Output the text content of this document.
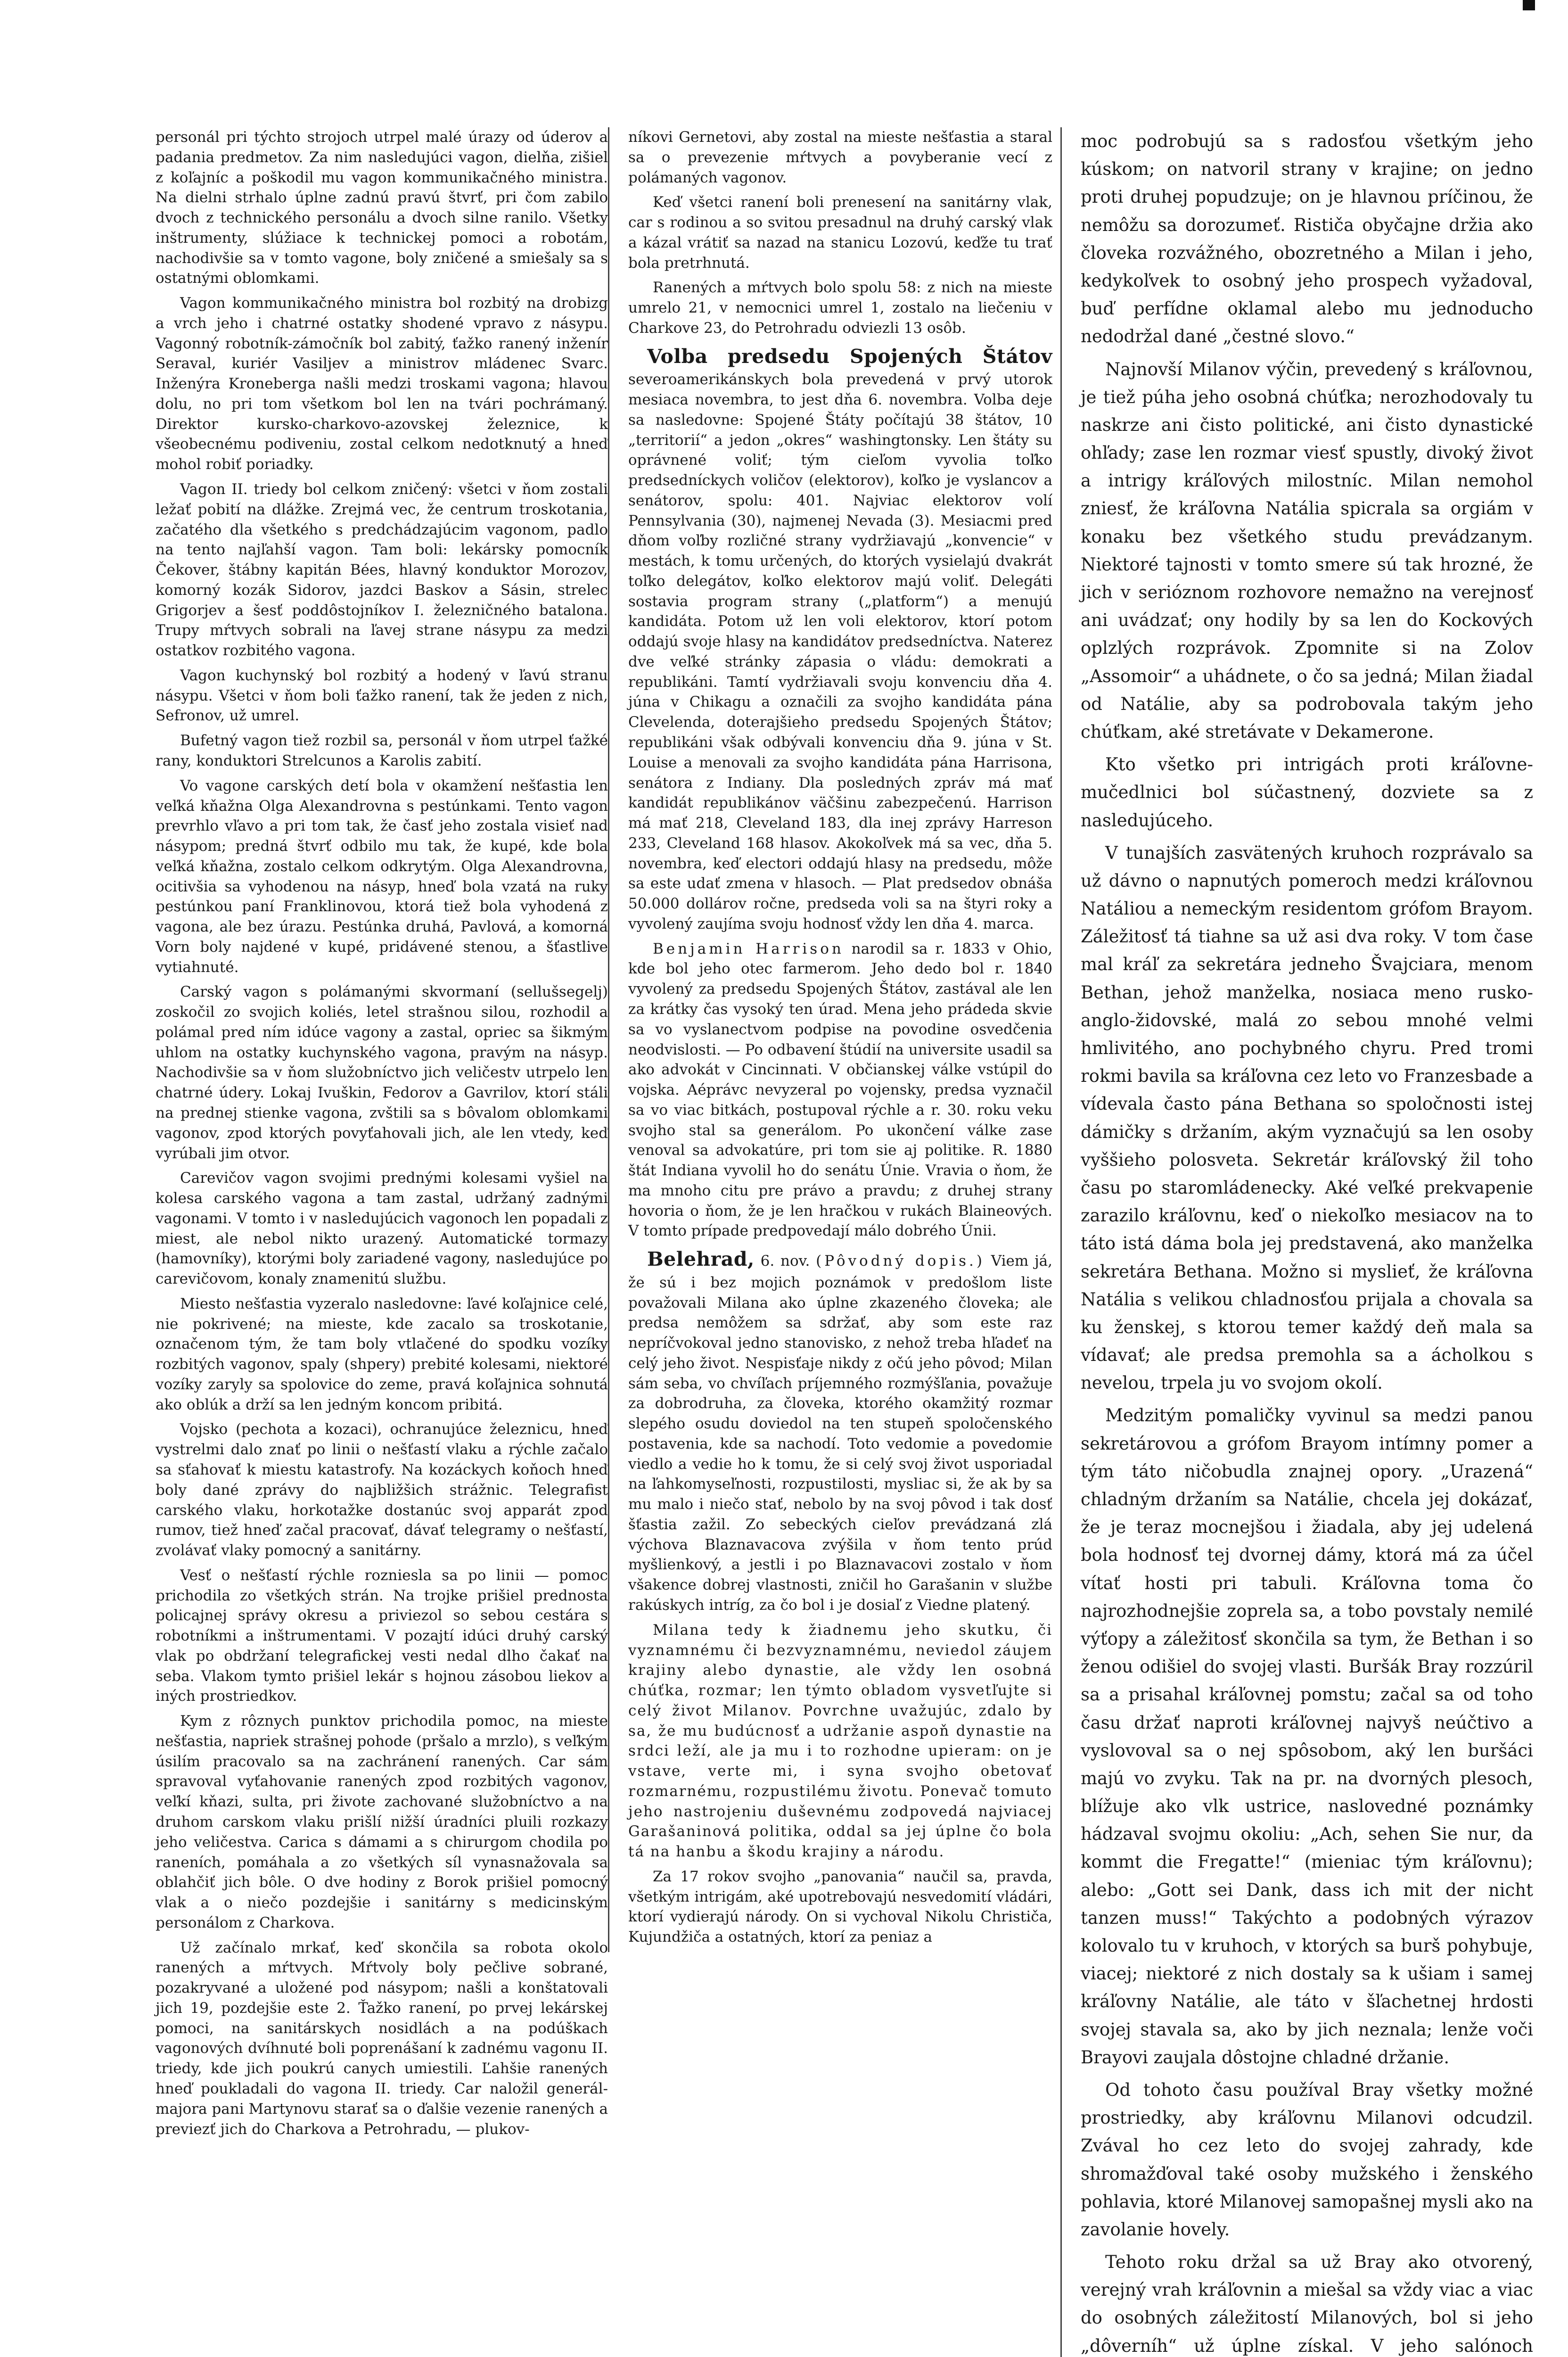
personál pri týchto strojoch utrpel malé úrazy od úderov a padania predmetov. Za nim nasledujúci vagon, dielňa, zišiel z koľajníc a poškodil mu vagon kommunikačného ministra. Na dielni strhalo úplne zadnú pravú štvrť, pri čom zabilo dvoch z technického personálu a dvoch silne ranilo. Všetky inštrumenty, slúžiace k technickej pomoci a robotám, nachodivšie sa v tomto vagone, boly zničené a smiešaly sa s ostatnými oblomkami.

Vagon kommunikačného ministra bol rozbitý na drobizg a vrch jeho i chatrné ostatky shodené vpravo z násypu. Vagonný robotník-zámočník bol zabitý, ťažko ranený inženír Seraval, kuriér Vasiljev a ministrov mládenec Svarc. Inženýra Kroneberga našli medzi troskami vagona; hlavou dolu, no pri tom všetkom bol len na tvári pochrámaný. Direktor kursko-charkovo-azovskej železnice, k všeobecnému podiveniu, zostal celkom nedotknutý a hneď mohol robiť poriadky.

Vagon II. triedy bol celkom zničený: všetci v ňom zostali ležať pobití na dlážke. Zrejmá vec, že centrum troskotania, začatého dla všetkého s predchádzajúcim vagonom, padlo na tento najľahší vagon. Tam boli: lekársky pomocník Čekover, štábny kapitán Bées, hlavný konduktor Morozov, komorný kozák Sidorov, jazdci Baskov a Sásin, strelec Grigorjev a šesť poddôstojníkov I. železničného batalona. Trupy mŕtvych sobrali na ľavej strane násypu za medzi ostatkov rozbitého vagona.

Vagon kuchynský bol rozbitý a hodený v ľavú stranu násypu. Všetci v ňom boli ťažko ranení, tak že jeden z nich, Sefronov, už umrel.

Bufetný vagon tiež rozbil sa, personál v ňom utrpel ťažké rany, konduktori Strelcunos a Karolis zabití.

Vo vagone carských detí bola v okamžení nešťastia len veľká kňažna Olga Alexandrovna s pestúnkami. Tento vagon prevrhlo vľavo a pri tom tak, že časť jeho zostala visieť nad násypom; predná štvrť odbilo mu tak, že kupé, kde bola veľká kňažna, zostalo celkom odkrytým. Olga Alexandrovna, ocitivšia sa vyhodenou na násyp, hneď bola vzatá na ruky pestúnkou paní Franklinovou, ktorá tiež bola vyhodená z vagona, ale bez úrazu. Pestúnka druhá, Pavlová, a komorná Vorn boly najdené v kupé, pridávené stenou, a šťastlive vytiahnuté.

Carský vagon s polámanými skvormaní (sellušsegelj) zoskočil zo svojich koliés, letel strašnou silou, rozhodil a polámal pred ním idúce vagony a zastal, opriec sa šikmým uhlom na ostatky kuchynského vagona, pravým na násyp. Nachodivšie sa v ňom služobníctvo jich veličestv utrpelo len chatrné údery. Lokaj Ivuškin, Fedorov a Gavrilov, ktorí stáli na prednej stienke vagona, zvštili sa s bôvalom oblomkami vagonov, zpod ktorých povyťahovali jich, ale len vtedy, keď vyrúbali jim otvor.

Carevičov vagon svojimi prednými kolesami vyšiel na kolesa carského vagona a tam zastal, udržaný zadnými vagonami. V tomto i v nasledujúcich vagonoch len popadali z miest, ale nebol nikto urazený. Automatické tormazy (hamovníky), ktorými boly zariadené vagony, nasledujúce po carevičovom, konaly znamenitú službu.

Miesto nešťastia vyzeralo nasledovne: ľavé koľajnice celé, nie pokrivené; na mieste, kde zacalo sa troskotanie, označenom tým, že tam boly vtlačené do spodku vozíky rozbitých vagonov, spaly (shpery) prebité kolesami, niektoré vozíky zaryly sa spolovice do zeme, pravá koľajnica sohnutá ako oblúk a drží sa len jedným koncom pribitá.

Vojsko (pechota a kozaci), ochranujúce železnicu, hneď vystrelmi dalo znať po linii o nešťastí vlaku a rýchle začalo sa sťahovať k miestu katastrofy. Na kozáckych koňoch hneď boly dané zprávy do najbližšich strážnic. Telegrafist carského vlaku, horkotažke dostanúc svoj apparát zpod rumov, tiež hneď začal pracovať, dávať telegramy o nešťastí, zvolávať vlaky pomocný a sanitárny.

Vesť o nešťastí rýchle rozniesla sa po linii — pomoc prichodila zo všetkých strán. Na trojke prišiel prednosta policajnej správy okresu a priviezol so sebou cestára s robotníkmi a inštrumentami. V pozajtí idúci druhý carský vlak po obdržaní telegrafickej vesti nedal dlho čakať na seba. Vlakom tymto prišiel lekár s hojnou zásobou liekov a iných prostriedkov.

Kym z rôznych punktov prichodila pomoc, na mieste nešťastia, napriek strašnej pohode (pršalo a mrzlo), s veľkým úsilím pracovalo sa na zachránení ranených. Car sám spravoval vyťahovanie ranených zpod rozbitých vagonov, veľkí kňazi, sulta, pri živote zachované služobníctvo a na druhom carskom vlaku prišlí nižší úradníci pluili rozkazy jeho veličestva. Carica s dámami a s chirurgom chodila po raneních, pomáhala a zo všetkých síl vynasnažovala sa oblahčiť jich bôle. O dve hodiny z Borok prišiel pomocný vlak a o niečo pozdejšie i sanitárny s medicinským personálom z Charkova.

Už začínalo mrkať, keď skončila sa robota okolo ranených a mŕtvych. Mŕtvoly boly pečlive sobrané, pozakryvané a uložené pod násypom; našli a konštatovali jich 19, pozdejšie este 2. Ťažko ranení, po prvej lekárskej pomoci, na sanitárskych nosidlách a na podúškach vagonových dvíhnuté boli poprenášaní k zadnému vagonu II. triedy, kde jich poukrú canych umiestili. Ľahšie ranených hneď poukladali do vagona II. triedy. Car naložil generál-majora pani Martynovu starať sa o ďalšie vezenie ranených a previezť jich do Charkova a Petrohradu, — plukov-

níkovi Gernetovi, aby zostal na mieste nešťastia a staral sa o prevezenie mŕtvych a povyberanie vecí z polámaných vagonov.

Keď všetci ranení boli prenesení na sanitárny vlak, car s rodinou a so svitou presadnul na druhý carský vlak a kázal vrátiť sa nazad na stanicu Lozovú, keďže tu trať bola pretrhnutá.

Ranených a mŕtvych bolo spolu 58: z nich na mieste umrelo 21, v nemocnici umrel 1, zostalo na liečeniu v Charkove 23, do Petrohradu odviezli 13 osôb.

Volba predsedu Spojených Štátov severoamerikánskych bola prevedená v prvý utorok mesiaca novembra, to jest dňa 6. novembra. Volba deje sa nasledovne: Spojené Štáty počítajú 38 štátov, 10 „territorií“ a jedon „okres“ washingtonsky. Len štáty su oprávnené voliť; tým cieľom vyvolia toľko predsedníckych voličov (elektorov), koľko je vyslancov a senátorov, spolu: 401. Najviac elektorov volí Pennsylvania (30), najmenej Nevada (3). Mesiacmi pred dňom voľby rozličné strany vydržiavajú „konvencie“ v mestách, k tomu určených, do ktorých vysielajú dvakrát toľko delegátov, koľko elektorov majú voliť. Delegáti sostavia program strany („platform“) a menujú kandidáta. Potom už len voli elektorov, ktorí potom oddajú svoje hlasy na kandidátov predsedníctva. Naterez dve veľké stránky zápasia o vládu: demokrati a republikáni. Tamtí vydržiavali svoju konvenciu dňa 4. júna v Chikagu a označili za svojho kandidáta pána Clevelenda, doterajšieho predsedu Spojených Štátov; republikáni však odbývali konvenciu dňa 9. júna v St. Louise a menovali za svojho kandidáta pána Harrisona, senátora z Indiany. Dla posledných zpráv má mať kandidát republikánov väčšinu zabezpečenú. Harrison má mať 218, Cleveland 183, dla inej zprávy Harreson 233, Cleveland 168 hlasov. Akokoľvek má sa vec, dňa 5. novembra, keď electori oddajú hlasy na predsedu, môže sa este udať zmena v hlasoch. — Plat predsedov obnáša 50.000 dollárov ročne, predseda voli sa na štyri roky a vyvolený zaujíma svoju hodnosť vždy len dňa 4. marca.

Benjamin Harrison narodil sa r. 1833 v Ohio, kde bol jeho otec farmerom. Jeho dedo bol r. 1840 vyvolený za predsedu Spojených Štátov, zastával ale len za krátky čas vysoký ten úrad. Mena jeho prádeda skvie sa vo vyslanectvom podpise na povodine osvedčenia neodvislosti. — Po odbavení štúdií na universite usadil sa ako advokát v Cincinnati. V občianskej válke vstúpil do vojska. Aéprávc nevyzeral po vojensky, predsa vyznačil sa vo viac bitkách, postupoval rýchle a r. 30. roku veku svojho stal sa generálom. Po ukončení válke zase venoval sa advokatúre, pri tom sie aj politike. R. 1880 štát Indiana vyvolil ho do senátu Únie. Vravia o ňom, že ma mnoho citu pre právo a pravdu; z druhej strany hovoria o ňom, že je len hračkou v rukách Blaineových. V tomto prípade predpovedají málo dobrého Únii.

Belehrad, 6. nov. (Pôvodný dopis.) Viem já, že sú i bez mojich poznámok v predošlom liste považovali Milana ako úplne zkazeného človeka; ale predsa nemôžem sa sdržať, aby som este raz nepríčvokoval jedno stanovisko, z nehož treba hľadeť na celý jeho život. Nespisťaje nikdy z očú jeho pôvod; Milan sám seba, vo chvíľach príjemného rozmýšľania, považuje za dobrodruha, za človeka, ktorého okamžitý rozmar slepého osudu doviedol na ten stupeň spoločenského postavenia, kde sa nachodí. Toto vedomie a povedomie viedlo a vedie ho k tomu, že si celý svoj život usporiadal na ľahkomyseľnosti, rozpustilosti, mysliac si, že ak by sa mu malo i niečo stať, nebolo by na svoj pôvod i tak dosť šťastia zažil. Zo sebeckých cieľov prevádzaná zlá výchova Blaznavacova zvýšila v ňom tento prúd myšlienkový, a jestli i po Blaznavacovi zostalo v ňom všakence dobrej vlastnosti, zničil ho Garašanin v službe rakúskych intríg, za čo bol i je dosiaľ z Viedne platený.

Milana tedy k žiadnemu jeho skutku, či vyznamnému či bezvyznamnému, neviedol záujem krajiny alebo dynastie, ale vždy len osobná chúťka, rozmar; len týmto obladom vysvetľujte si celý život Milanov. Povrchne uvažujúc, zdalo by sa, že mu budúcnosť a udržanie aspoň dynastie na srdci leží, ale ja mu i to rozhodne upieram: on je vstave, verte mi, i syna svojho obetovať rozmarnému, rozpustilému životu. Ponevač tomuto jeho nastrojeniu duševnému zodpovedá najviacej Garašaninová politika, oddal sa jej úplne čo bola tá na hanbu a škodu krajiny a národu.

Za 17 rokov svojho „panovania“ naučil sa, pravda, všetkým intrigám, aké upotrebovajú nesvedomití vládári, ktorí vydierajú národy. On si vychoval Nikolu Christiča, Kujundžiča a ostatných, ktorí za peniaz a

moc podrobujú sa s radosťou všetkým jeho kúskom; on natvoril strany v krajine; on jedno proti druhej popudzuje; on je hlavnou príčinou, že nemôžu sa dorozumeť. Rističa obyčajne držia ako človeka rozvážného, obozretného a Milan i jeho, kedykoľvek to osobný jeho prospech vyžadoval, buď perfídne oklamal alebo mu jednoducho nedodržal dané „čestné slovo.“

Najnovší Milanov výčin, prevedený s kráľovnou, je tiež púha jeho osobná chúťka; nerozhodovaly tu naskrze ani čisto politické, ani čisto dynastické ohľady; zase len rozmar viesť spustly, divoký život a intrigy kráľových milostníc. Milan nemohol zniesť, že kráľovna Natália spicrala sa orgiám v konaku bez všetkého studu prevádzanym. Niektoré tajnosti v tomto smere sú tak hrozné, že jich v serióznom rozhovore nemažno na verejnosť ani uvádzať; ony hodily by sa len do Kockových oplzlých rozprávok. Zpomnite si na Zolov „Assomoir“ a uhádnete, o čo sa jedná; Milan žiadal od Natálie, aby sa podrobovala takým jeho chúťkam, aké stretávate v Dekamerone.

Kto všetko pri intrigách proti kráľovne-mučedlnici bol súčastnený, dozviete sa z nasledujúceho.

V tunajších zasvätených kruhoch rozprávalo sa už dávno o napnutých pomeroch medzi kráľovnou Natáliou a nemeckým residentom grófom Brayom. Záležitosť tá tiahne sa už asi dva roky. V tom čase mal kráľ za sekretára jedneho Švajciara, menom Bethan, jehož manželka, nosiaca meno rusko-anglo-židovské, malá zo sebou mnohé velmi hmlivitého, ano pochybného chyru. Pred tromi rokmi bavila sa kráľovna cez leto vo Franzesbade a vídevala často pána Bethana so spoločnosti istej dámičky s držaním, akým vyznačujú sa len osoby vyššieho polosveta. Sekretár kráľovský žil toho času po staromládenecky. Aké veľké prekvapenie zarazilo kráľovnu, keď o niekoľko mesiacov na to táto istá dáma bola jej predstavená, ako manželka sekretára Bethana. Možno si myslieť, že kráľovna Natália s velikou chladnosťou prijala a chovala sa ku ženskej, s ktorou temer každý deň mala sa vídavať; ale predsa premohla sa a ácholkou s nevelou, trpela ju vo svojom okolí.

Medzitým pomaličky vyvinul sa medzi panou sekretárovou a grófom Brayom intímny pomer a tým táto ničobudla znajnej opory. „Urazená“ chladným držaním sa Natálie, chcela jej dokázať, že je teraz mocnejšou i žiadala, aby jej udelená bola hodnosť tej dvornej dámy, ktorá má za účel vítať hosti pri tabuli. Kráľovna toma čo najrozhodnejšie zoprela sa, a tobo povstaly nemilé výťopy a záležitosť skončila sa tym, že Bethan i so ženou odišiel do svojej vlasti. Buršák Bray rozzúril sa a prisahal kráľovnej pomstu; začal sa od toho času držať naproti kráľovnej najvyš neúčtivo a vyslovoval sa o nej spôsobom, aký len buršáci majú vo zvyku. Tak na pr. na dvorných plesoch, blížuje ako vlk ustrice, naslovedné poznámky hádzaval svojmu okoliu: „Ach, sehen Sie nur, da kommt die Fregatte!“ (mieniac tým kráľovnu); alebo: „Gott sei Dank, dass ich mit der nicht tanzen muss!“ Takýchto a podobných výrazov kolovalo tu v kruhoch, v ktorých sa burš pohybuje, viacej; niektoré z nich dostaly sa k ušiam i samej kráľovny Natálie, ale táto v šľachetnej hrdosti svojej stavala sa, ako by jich neznala; lenže voči Brayovi zaujala dôstojne chladné držanie.

Od tohoto času používal Bray všetky možné prostriedky, aby kráľovnu Milanovi odcudzil. Zvával ho cez leto do svojej zahrady, kde shromažďoval také osoby mužského i ženského pohlavia, ktoré Milanovej samopašnej mysli ako na zavolanie hovely.

Tehoto roku držal sa už Bray ako otvorený, verejný vrah kráľovnin a miešal sa vždy viac a viac do osobných záležitostí Milanových, bol si jeho „dôverníh“ už úplne získal. V jeho salónoch
